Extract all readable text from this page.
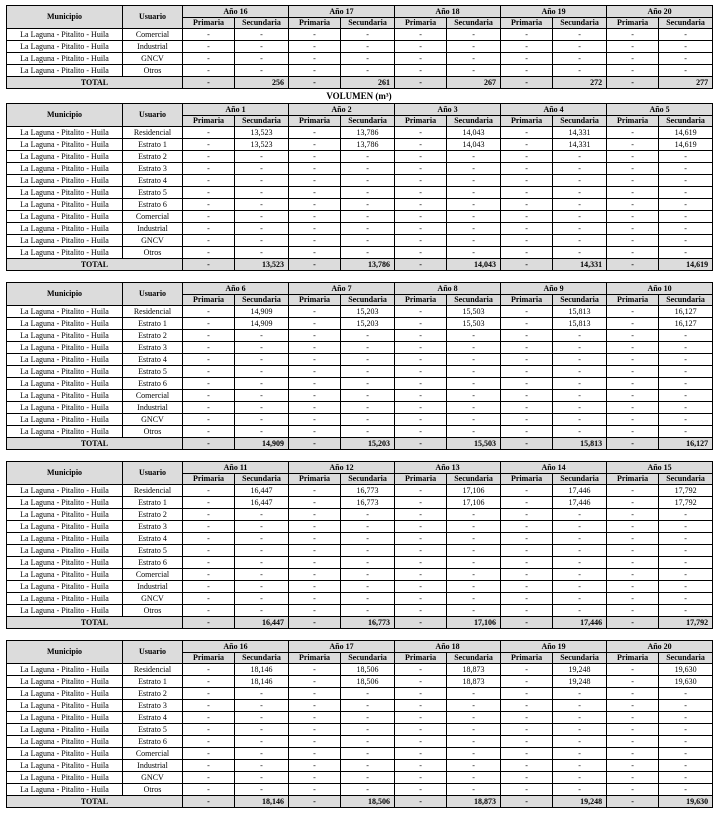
Municipio	Usuario	Año 16		Año 17		Año 18		Año 19		Año 20	
		Primaria	Secundaria	Primaria	Secundaria	Primaria	Secundaria	Primaria	Secundaria	Primaria	Secundaria
La Laguna - Pitalito - Huila	Comercial	-	-	-	-	-	-	-	-	-	-
La Laguna - Pitalito - Huila	Industrial	-	-	-	-	-	-	-	-	-	-
La Laguna - Pitalito - Huila	GNCV	-	-	-	-	-	-	-	-	-	-
La Laguna - Pitalito - Huila	Otros	-	-	-	-	-	-	-	-	-	-
TOTAL		-	256	-	261	-	267	-	272	-	277
VOLUMEN (m³)
Municipio	Usuario	Año 1		Año 2		Año 3		Año 4		Año 5	
		Primaria	Secundaria	Primaria	Secundaria	Primaria	Secundaria	Primaria	Secundaria	Primaria	Secundaria
La Laguna - Pitalito - Huila	Residencial	-	13,523	-	13,786	-	14,043	-	14,331	-	14,619
La Laguna - Pitalito - Huila	Estrato 1	-	13,523	-	13,786	-	14,043	-	14,331	-	14,619
La Laguna - Pitalito - Huila	Estrato 2	-	-	-	-	-	-	-	-	-	-
La Laguna - Pitalito - Huila	Estrato 3	-	-	-	-	-	-	-	-	-	-
La Laguna - Pitalito - Huila	Estrato 4	-	-	-	-	-	-	-	-	-	-
La Laguna - Pitalito - Huila	Estrato 5	-	-	-	-	-	-	-	-	-	-
La Laguna - Pitalito - Huila	Estrato 6	-	-	-	-	-	-	-	-	-	-
La Laguna - Pitalito - Huila	Comercial	-	-	-	-	-	-	-	-	-	-
La Laguna - Pitalito - Huila	Industrial	-	-	-	-	-	-	-	-	-	-
La Laguna - Pitalito - Huila	GNCV	-	-	-	-	-	-	-	-	-	-
La Laguna - Pitalito - Huila	Otros	-	-	-	-	-	-	-	-	-	-
TOTAL		-	13,523	-	13,786	-	14,043	-	14,331	-	14,619
Municipio	Usuario	Año 6		Año 7		Año 8		Año 9		Año 10	
		Primaria	Secundaria	Primaria	Secundaria	Primaria	Secundaria	Primaria	Secundaria	Primaria	Secundaria
La Laguna - Pitalito - Huila	Residencial	-	14,909	-	15,203	-	15,503	-	15,813	-	16,127
La Laguna - Pitalito - Huila	Estrato 1	-	14,909	-	15,203	-	15,503	-	15,813	-	16,127
La Laguna - Pitalito - Huila	Estrato 2	-	-	-	-	-	-	-	-	-	-
La Laguna - Pitalito - Huila	Estrato 3	-	-	-	-	-	-	-	-	-	-
La Laguna - Pitalito - Huila	Estrato 4	-	-	-	-	-	-	-	-	-	-
La Laguna - Pitalito - Huila	Estrato 5	-	-	-	-	-	-	-	-	-	-
La Laguna - Pitalito - Huila	Estrato 6	-	-	-	-	-	-	-	-	-	-
La Laguna - Pitalito - Huila	Comercial	-	-	-	-	-	-	-	-	-	-
La Laguna - Pitalito - Huila	Industrial	-	-	-	-	-	-	-	-	-	-
La Laguna - Pitalito - Huila	GNCV	-	-	-	-	-	-	-	-	-	-
La Laguna - Pitalito - Huila	Otros	-	-	-	-	-	-	-	-	-	-
TOTAL		-	14,909	-	15,203	-	15,503	-	15,813	-	16,127
Municipio	Usuario	Año 11		Año 12		Año 13		Año 14		Año 15	
		Primaria	Secundaria	Primaria	Secundaria	Primaria	Secundaria	Primaria	Secundaria	Primaria	Secundaria
La Laguna - Pitalito - Huila	Residencial	-	16,447	-	16,773	-	17,106	-	17,446	-	17,792
La Laguna - Pitalito - Huila	Estrato 1	-	16,447	-	16,773	-	17,106	-	17,446	-	17,792
La Laguna - Pitalito - Huila	Estrato 2	-	-	-	-	-	-	-	-	-	-
La Laguna - Pitalito - Huila	Estrato 3	-	-	-	-	-	-	-	-	-	-
La Laguna - Pitalito - Huila	Estrato 4	-	-	-	-	-	-	-	-	-	-
La Laguna - Pitalito - Huila	Estrato 5	-	-	-	-	-	-	-	-	-	-
La Laguna - Pitalito - Huila	Estrato 6	-	-	-	-	-	-	-	-	-	-
La Laguna - Pitalito - Huila	Comercial	-	-	-	-	-	-	-	-	-	-
La Laguna - Pitalito - Huila	Industrial	-	-	-	-	-	-	-	-	-	-
La Laguna - Pitalito - Huila	GNCV	-	-	-	-	-	-	-	-	-	-
La Laguna - Pitalito - Huila	Otros	-	-	-	-	-	-	-	-	-	-
TOTAL		-	16,447	-	16,773	-	17,106	-	17,446	-	17,792
Municipio	Usuario	Año 16		Año 17		Año 18		Año 19		Año 20	
		Primaria	Secundaria	Primaria	Secundaria	Primaria	Secundaria	Primaria	Secundaria	Primaria	Secundaria
La Laguna - Pitalito - Huila	Residencial	-	18,146	-	18,506	-	18,873	-	19,248	-	19,630
La Laguna - Pitalito - Huila	Estrato 1	-	18,146	-	18,506	-	18,873	-	19,248	-	19,630
La Laguna - Pitalito - Huila	Estrato 2	-	-	-	-	-	-	-	-	-	-
La Laguna - Pitalito - Huila	Estrato 3	-	-	-	-	-	-	-	-	-	-
La Laguna - Pitalito - Huila	Estrato 4	-	-	-	-	-	-	-	-	-	-
La Laguna - Pitalito - Huila	Estrato 5	-	-	-	-	-	-	-	-	-	-
La Laguna - Pitalito - Huila	Estrato 6	-	-	-	-	-	-	-	-	-	-
La Laguna - Pitalito - Huila	Comercial	-	-	-	-	-	-	-	-	-	-
La Laguna - Pitalito - Huila	Industrial	-	-	-	-	-	-	-	-	-	-
La Laguna - Pitalito - Huila	GNCV	-	-	-	-	-	-	-	-	-	-
La Laguna - Pitalito - Huila	Otros	-	-	-	-	-	-	-	-	-	-
TOTAL		-	18,146	-	18,506	-	18,873	-	19,248	-	19,630
